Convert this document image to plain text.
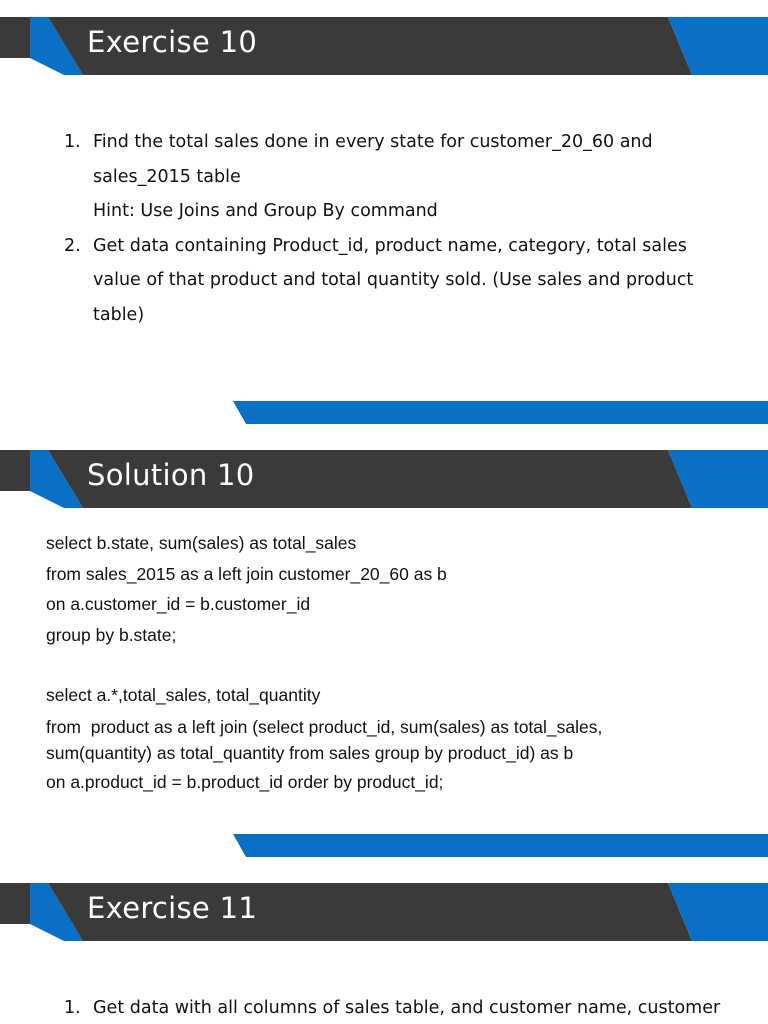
Exercise 10
1. Find the total sales done in every state for customer_20_60 and
sales_2015 table
Hint: Use Joins and Group By command
2. Get data containing Product_id, product name, category, total sales
value of that product and total quantity sold. (Use sales and product
table)
Solution 10
select b.state, sum(sales) as total_sales
from sales_2015 as a left join customer_20_60 as b
on a.customer_id = b.customer_id
group by b.state;
select a.*,total_sales, total_quantity
from  product as a left join (select product_id, sum(sales) as total_sales,
sum(quantity) as total_quantity from sales group by product_id) as b
on a.product_id = b.product_id order by product_id;
Exercise 11
1. Get data with all columns of sales table, and customer name, customer
